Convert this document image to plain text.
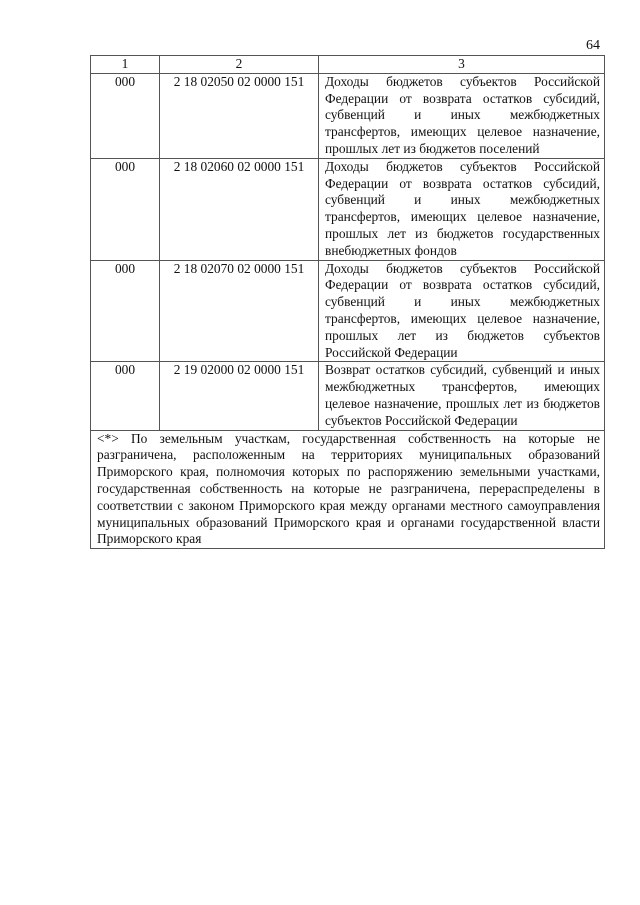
64
1	2	3
000	2 18 02050 02 0000 151	Доходы бюджетов субъектов Российской Федерации от возврата остатков субсидий, субвенций и иных межбюджетных трансфертов, имеющих целевое назначение, прошлых лет из бюджетов поселений
000	2 18 02060 02 0000 151	Доходы бюджетов субъектов Российской Федерации от возврата остатков субсидий, субвенций и иных межбюджетных трансфертов, имеющих целевое назначение, прошлых лет из бюджетов государственных внебюджетных фондов
000	2 18 02070 02 0000 151	Доходы бюджетов субъектов Российской Федерации от возврата остатков субсидий, субвенций и иных межбюджетных трансфертов, имеющих целевое назначение, прошлых лет из бюджетов субъектов Российской Федерации
000	2 19 02000 02 0000 151	Возврат остатков субсидий, субвенций и иных межбюджетных трансфертов, имеющих целевое назначение, прошлых лет из бюджетов субъектов Российской Федерации
<*> По земельным участкам, государственная собственность на которые не разграничена, расположенным на территориях муниципальных образований Приморского края, полномочия которых по распоряжению земельными участками, государственная собственность на которые не разграничена, перераспределены в соответствии с законом Приморского края между органами местного самоуправления муниципальных образований Приморского края и органами государственной власти Приморского края		
